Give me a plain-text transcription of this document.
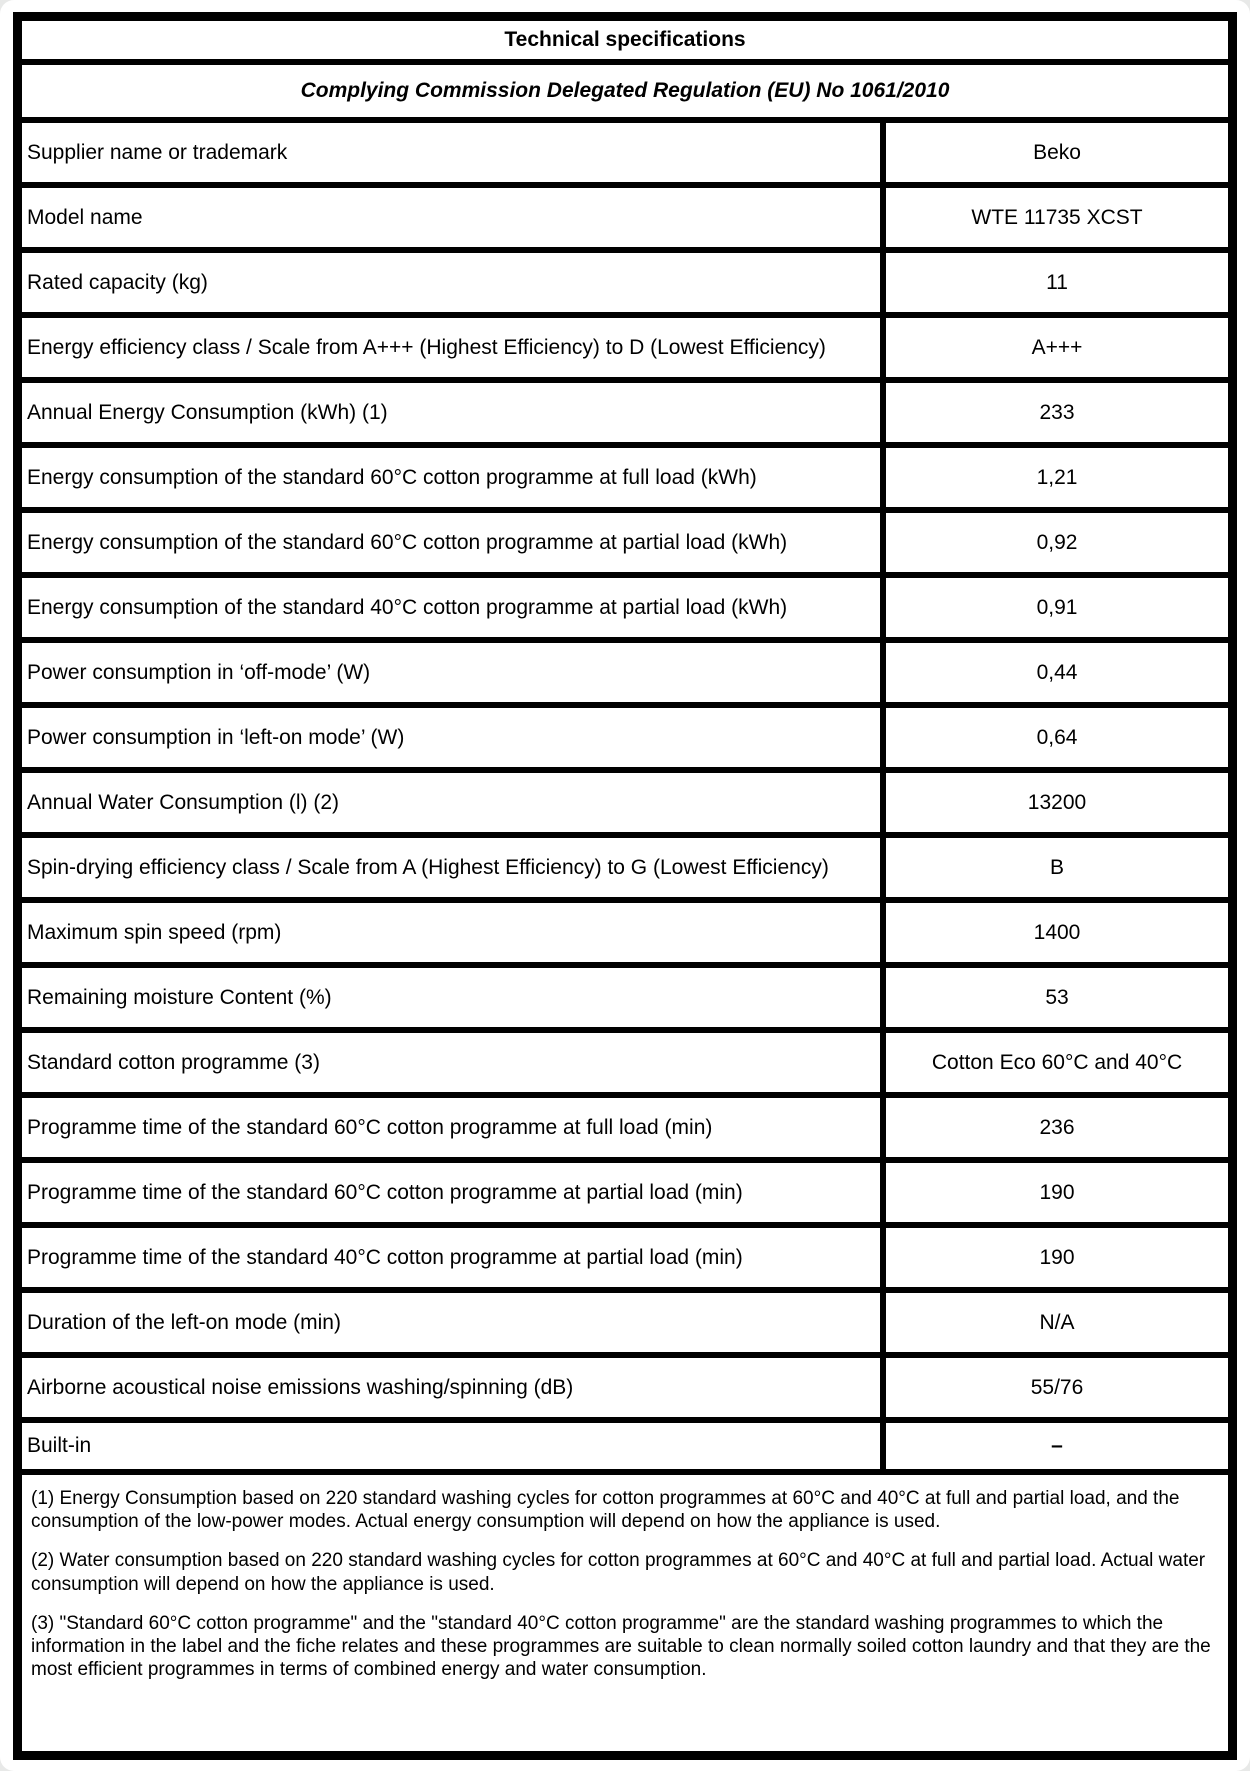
Technical specifications
Complying Commission Delegated Regulation (EU) No 1061/2010
Supplier name or trademark	Beko
Model name	WTE 11735 XCST
Rated capacity (kg)	11
Energy efficiency class / Scale from A+++ (Highest Efficiency) to D (Lowest Efficiency)	A+++
Annual Energy Consumption (kWh) (1)	233
Energy consumption of the standard 60°C cotton programme at full load (kWh)	1,21
Energy consumption of the standard 60°C cotton programme at partial load (kWh)	0,92
Energy consumption of the standard 40°C cotton programme at partial load (kWh)	0,91
Power consumption in ‘off-mode’ (W)	0,44
Power consumption in ‘left-on mode’ (W)	0,64
Annual Water Consumption (l) (2)	13200
Spin-drying efficiency class / Scale from A (Highest Efficiency) to G (Lowest Efficiency)	B
Maximum spin speed (rpm)	1400
Remaining moisture Content (%)	53
Standard cotton programme (3)	Cotton Eco 60°C and 40°C
Programme time of the standard 60°C cotton programme at full load (min)	236
Programme time of the standard 60°C cotton programme at partial load (min)	190
Programme time of the standard 40°C cotton programme at partial load (min)	190
Duration of the left-on mode (min)	N/A
Airborne acoustical noise emissions washing/spinning (dB)	55/76
Built-in	–

(1) Energy Consumption based on 220 standard washing cycles for cotton programmes at 60°C and 40°C at full and partial load, and the consumption of the low-power modes. Actual energy consumption will depend on how the appliance is used.

(2) Water consumption based on 220 standard washing cycles for cotton programmes at 60°C and 40°C at full and partial load. Actual water consumption will depend on how the appliance is used.

(3) "Standard 60°C cotton programme" and the "standard 40°C cotton programme" are the standard washing programmes to which the information in the label and the fiche relates and these programmes are suitable to clean normally soiled cotton laundry and that they are the most efficient programmes in terms of combined energy and water consumption.
